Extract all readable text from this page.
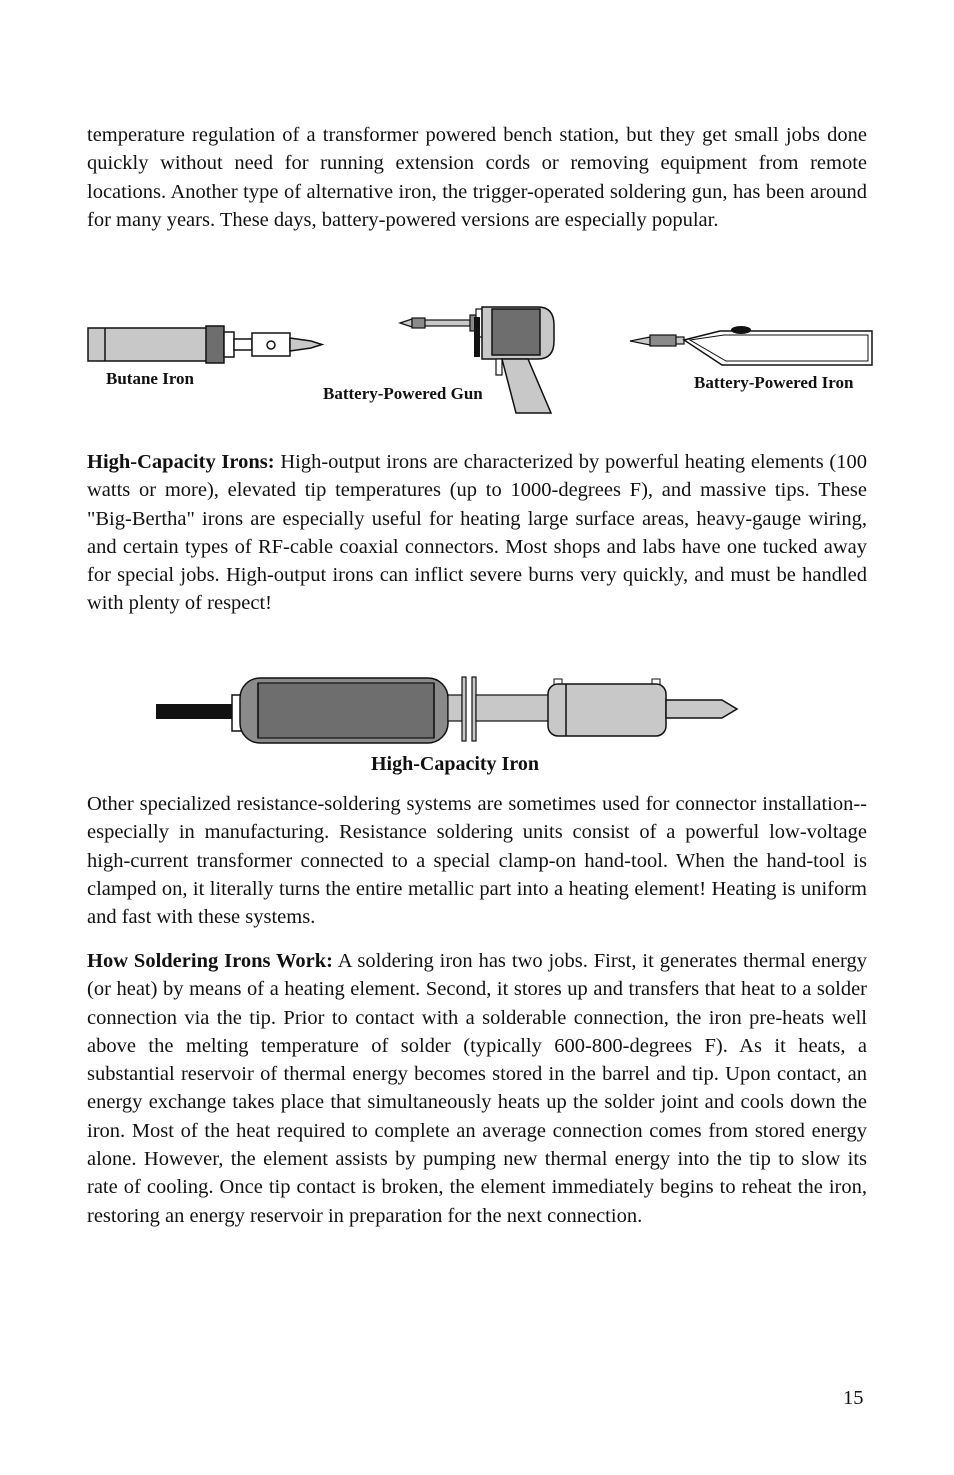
temperature regulation of a transformer powered bench station, but they get small jobs done quickly without need for running extension cords or removing equipment from remote locations. Another type of alternative iron, the trigger-operated soldering gun, has been around for many years. These days, battery-powered versions are especially popular.

Butane Iron
Battery-Powered Gun
Battery-Powered Iron

High-Capacity Irons: High-output irons are characterized by powerful heating elements (100 watts or more), elevated tip temperatures (up to 1000-degrees F), and massive tips. These "Big-Bertha" irons are especially useful for heating large surface areas, heavy-gauge wiring, and certain types of RF-cable coaxial connectors. Most shops and labs have one tucked away for special jobs. High-output irons can inflict severe burns very quickly, and must be handled with plenty of respect!

High-Capacity Iron

Other specialized resistance-soldering systems are sometimes used for connector installation--especially in manufacturing. Resistance soldering units consist of a powerful low-voltage high-current transformer connected to a special clamp-on hand-tool. When the hand-tool is clamped on, it literally turns the entire metallic part into a heating element! Heating is uniform and fast with these systems.

How Soldering Irons Work: A soldering iron has two jobs. First, it generates thermal energy (or heat) by means of a heating element. Second, it stores up and transfers that heat to a solder connection via the tip. Prior to contact with a solderable connection, the iron pre-heats well above the melting temperature of solder (typically 600-800-degrees F). As it heats, a substantial reservoir of thermal energy becomes stored in the barrel and tip. Upon contact, an energy exchange takes place that simultaneously heats up the solder joint and cools down the iron. Most of the heat required to complete an average connection comes from stored energy alone. However, the element assists by pumping new thermal energy into the tip to slow its rate of cooling. Once tip contact is broken, the element immediately begins to reheat the iron, restoring an energy reservoir in preparation for the next connection.

15
